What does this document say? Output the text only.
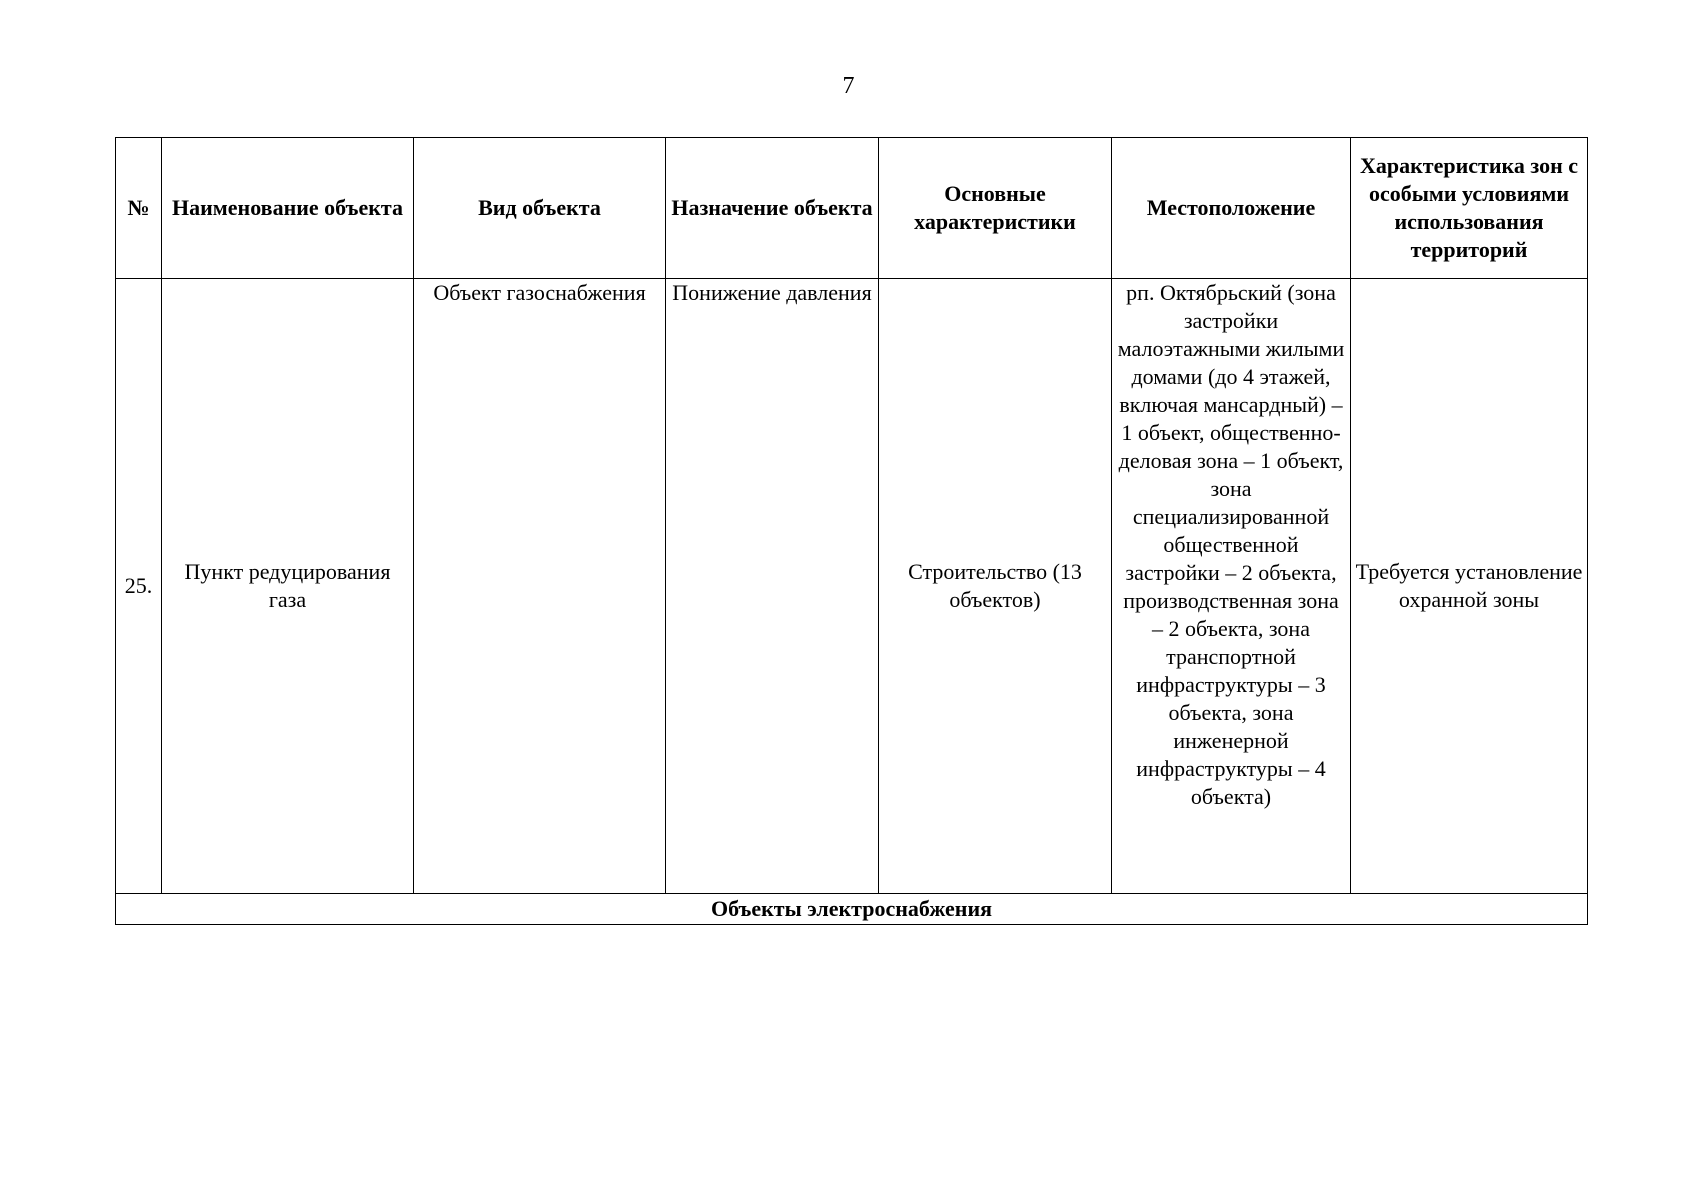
7
№	Наименование объекта	Вид объекта	Назначение объекта	Основные характеристики	Местоположение	Характеристика зон с особыми условиями использования территорий
25.	Пункт редуцирования газа	Объект газоснабжения	Понижение давления	Строительство (13 объектов)	рп. Октябрьский (зона застройки малоэтажными жилыми домами (до 4 этажей, включая мансардный) – 1 объект, общественно-деловая зона – 1 объект, зона специализированной общественной застройки – 2 объекта, производственная зона – 2 объекта, зона транспортной инфраструктуры – 3 объекта, зона инженерной инфраструктуры – 4 объекта)	Требуется установление охранной зоны
Объекты электроснабжения						
